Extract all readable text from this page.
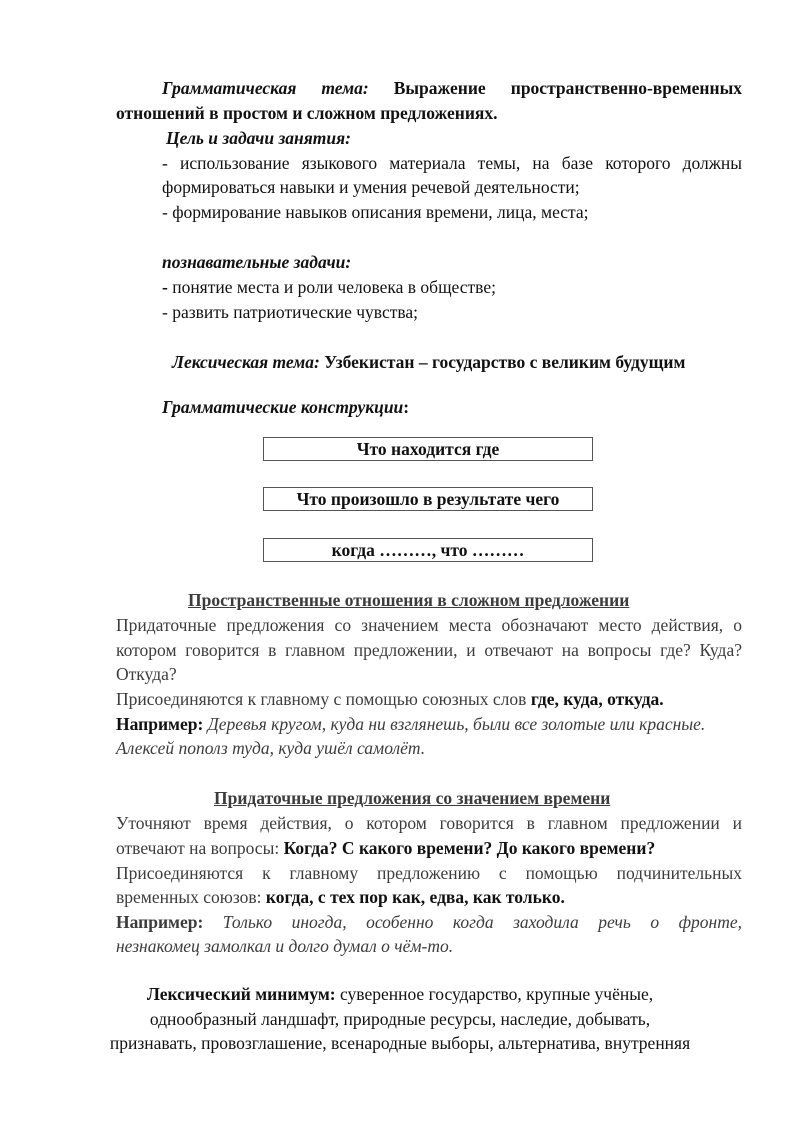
Грамматическая тема: Выражение пространственно-временных
отношений в простом и сложном предложениях.
Цель и задачи занятия:
- использование языкового материала темы, на базе которого должны
формироваться навыки и умения речевой деятельности;
- формирование навыков описания времени, лица, места;
познавательные задачи:
- понятие места и роли человека в обществе;
- развить патриотические чувства;
Лексическая тема: Узбекистан – государство с великим будущим
Грамматические конструкции:
Что находится где
Что произошло в результате чего
когда ………, что ………
Пространственные отношения в сложном предложении
Придаточные предложения со значением места обозначают место действия, о
котором говорится в главном предложении, и отвечают на вопросы где? Куда?
Откуда?
Присоединяются к главному с помощью союзных слов где, куда, откуда.
Например: Деревья кругом, куда ни взглянешь, были все золотые или красные.
Алексей пополз туда, куда ушёл самолёт.
Придаточные предложения со значением времени
Уточняют время действия, о котором говорится в главном предложении и
отвечают на вопросы: Когда? С какого времени? До какого времени?
Присоединяются к главному предложению с помощью подчинительных
временных союзов: когда, с тех пор как, едва, как только.
Например: Только иногда, особенно когда заходила речь о фронте,
незнакомец замолкал и долго думал о чём-то.
Лексический минимум: суверенное государство, крупные учёные,
однообразный ландшафт, природные ресурсы, наследие, добывать,
признавать, провозглашение, всенародные выборы, альтернатива, внутренняя
